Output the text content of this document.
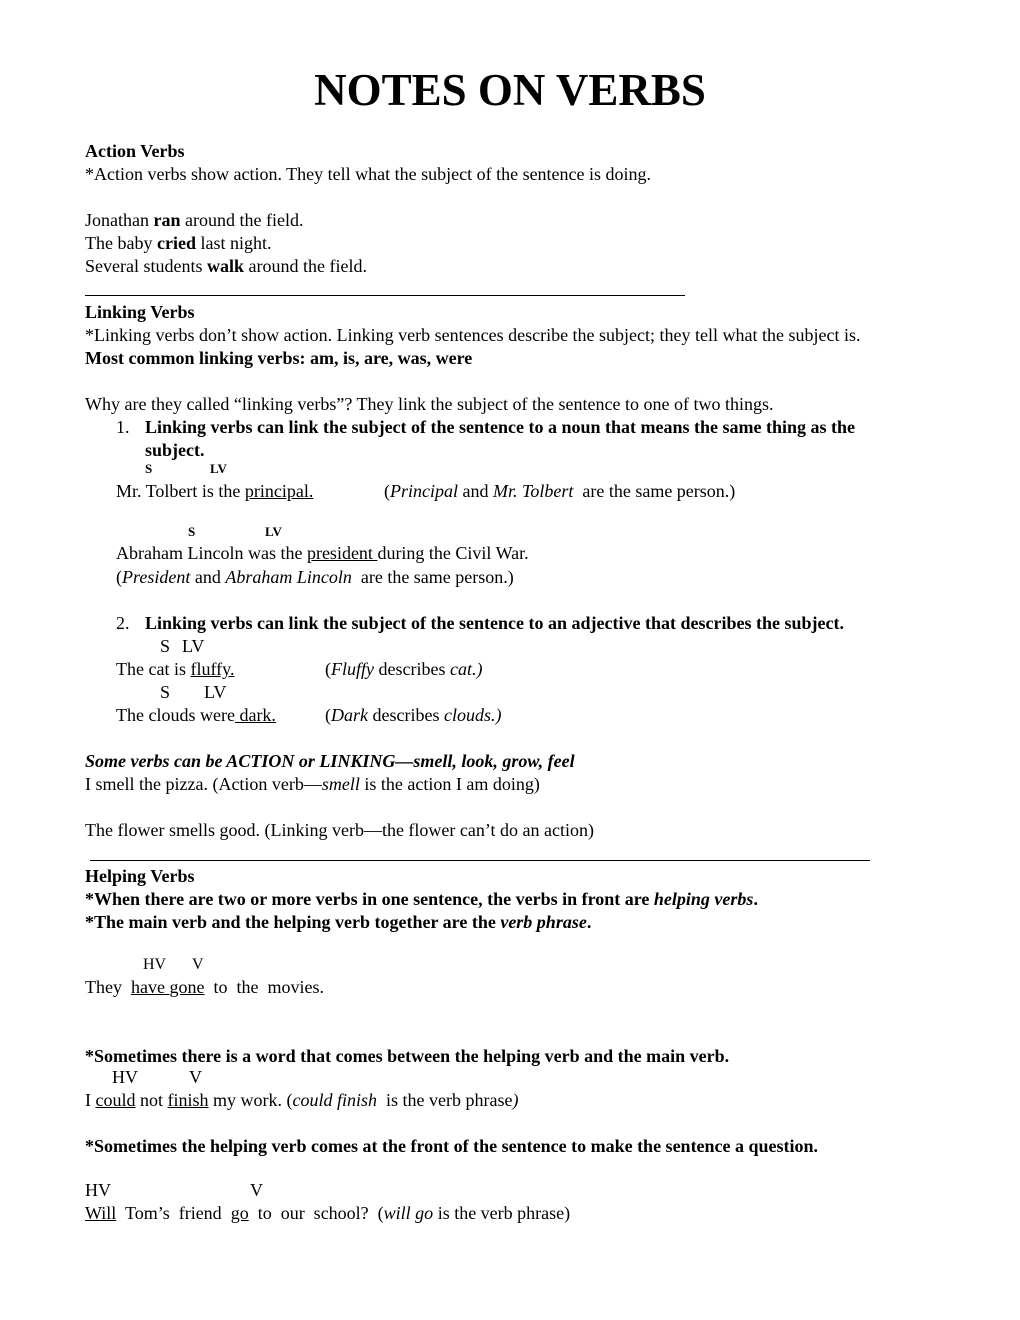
NOTES ON VERBS
Action Verbs
*Action verbs show action. They tell what the subject of the sentence is doing.
Jonathan ran around the field.
The baby cried last night.
Several students walk around the field.
Linking Verbs
*Linking verbs don’t show action. Linking verb sentences describe the subject; they tell what the subject is.
Most common linking verbs: am, is, are, was, were
Why are they called “linking verbs”? They link the subject of the sentence to one of two things.
1. Linking verbs can link the subject of the sentence to a noun that means the same thing as the
subject.
S	LV
Mr. Tolbert is the principal.	(Principal and Mr. Tolbert  are the same person.)
S	LV
Abraham Lincoln was the president during the Civil War.
(President and Abraham Lincoln  are the same person.)
2. Linking verbs can link the subject of the sentence to an adjective that describes the subject.
S LV
The cat is fluffy.	(Fluffy describes cat.)
S LV
The clouds were dark.	(Dark describes clouds.)
Some verbs can be ACTION or LINKING—smell, look, grow, feel
I smell the pizza. (Action verb—smell is the action I am doing)
The flower smells good. (Linking verb—the flower can’t do an action)
Helping Verbs
*When there are two or more verbs in one sentence, the verbs in front are helping verbs.
*The main verb and the helping verb together are the verb phrase.
HV V
They have gone to  the  movies.
*Sometimes there is a word that comes between the helping verb and the main verb.
HV	V
I could not finish my work. (could finish  is the verb phrase)
*Sometimes the helping verb comes at the front of the sentence to make the sentence a question.
HV	V
Will  Tom’s  friend  go  to  our  school?  (will go is the verb phrase)
